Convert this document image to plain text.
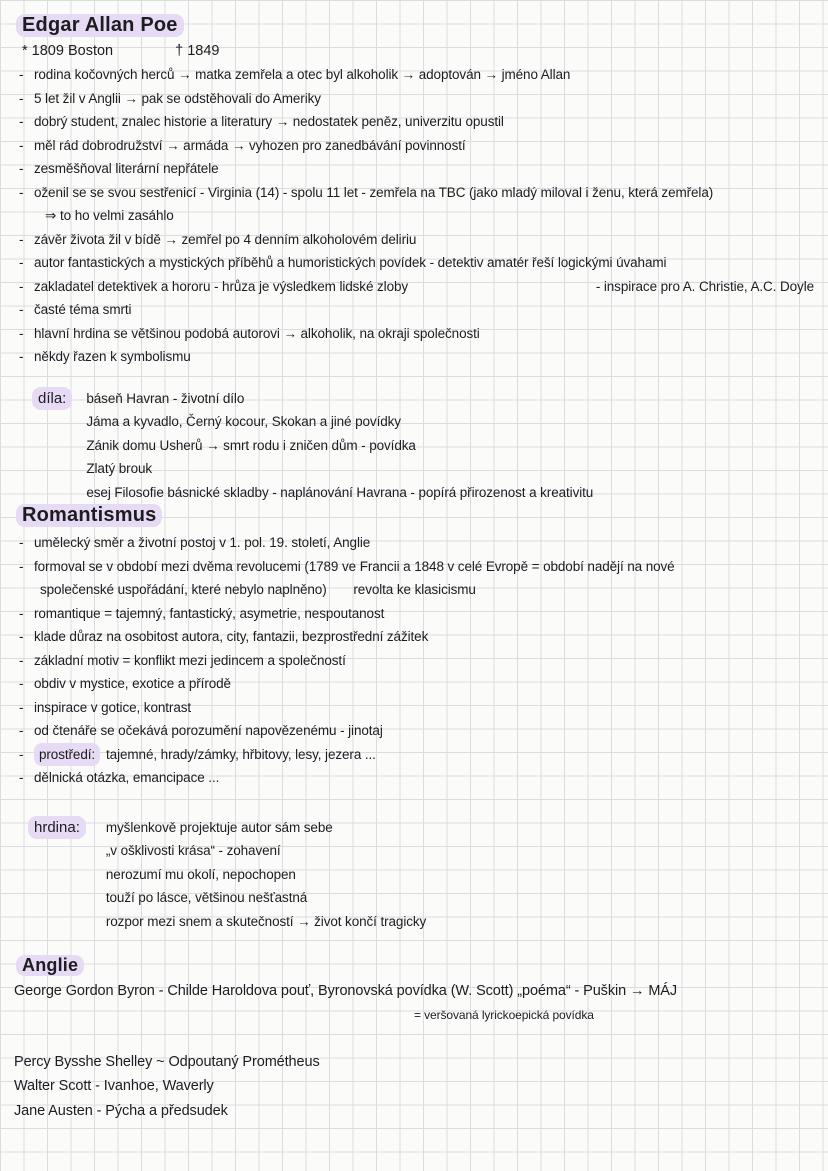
Edgar Allan Poe
* 1809 Boston	† 1849
- rodina kočovných herců → matka zemřela a otec byl alkoholik → adoptován → jméno Allan
- 5 let žil v Anglii → pak se odstěhovali do Ameriky
- dobrý student, znalec historie a literatury → nedostatek peněz, univerzitu opustil
- měl rád dobrodružství → armáda → vyhozen pro zanedbávání povinností
- zesměšňoval literární nepřátele
- oženil se se svou sestřenicí - Virginia (14) - spolu 11 let - zemřela na TBC (jako mladý miloval i ženu, která zemřela)
⇒ to ho velmi zasáhlo
- závěr života žil v bídě → zemřel po 4 denním alkoholovém deliriu
- autor fantastických a mystických příběhů a humoristických povídek - detektiv amatér řeší logickými úvahami
- zakladatel detektivek a hororu - hrůza je výsledkem lidské zloby	- inspirace pro A. Christie, A.C. Doyle
- časté téma smrti
- hlavní hrdina se většinou podobá autorovi → alkoholik, na okraji společnosti
- někdy řazen k symbolismu
díla:	báseň Havran - životní dílo
Jáma a kyvadlo, Černý kocour, Skokan a jiné povídky
Zánik domu Usherů → smrt rodu i zničen dům - povídka
Zlatý brouk
esej Filosofie básnické skladby - naplánování Havrana - popírá přirozenost a kreativitu
Romantismus
- umělecký směr a životní postoj v 1. pol. 19. století, Anglie
- formoval se v období mezi dvěma revolucemi (1789 ve Francii a 1848 v celé Evropě = období nadějí na nové
společenské uspořádání, které nebylo naplněno)  revolta ke klasicismu
- romantique = tajemný, fantastický, asymetrie, nespoutanost
- klade důraz na osobitost autora, city, fantazii, bezprostřední zážitek
- základní motiv = konflikt mezi jedincem a společností
- obdiv v mystice, exotice a přírodě
- inspirace v gotice, kontrast
- od čtenáře se očekává porozumění napovězenému - jinotaj
-	prostředí: tajemné, hrady/zámky, hřbitovy, lesy, jezera ...
- dělnická otázka, emancipace ...
hrdina:	myšlenkově projektuje autor sám sebe
„v ošklivosti krása“ - zohavení
nerozumí mu okolí, nepochopen
touží po lásce, většinou nešťastná
rozpor mezi snem a skutečností → život končí tragicky
Anglie
George Gordon Byron - Childe Haroldova pouť, Byronovská povídka (W. Scott) „poéma“ - Puškin → MÁJ
= veršovaná lyrickoepická povídka
Percy Bysshe Shelley ~ Odpoutaný Prométheus
Walter Scott - Ivanhoe, Waverly
Jane Austen - Pýcha a předsudek
